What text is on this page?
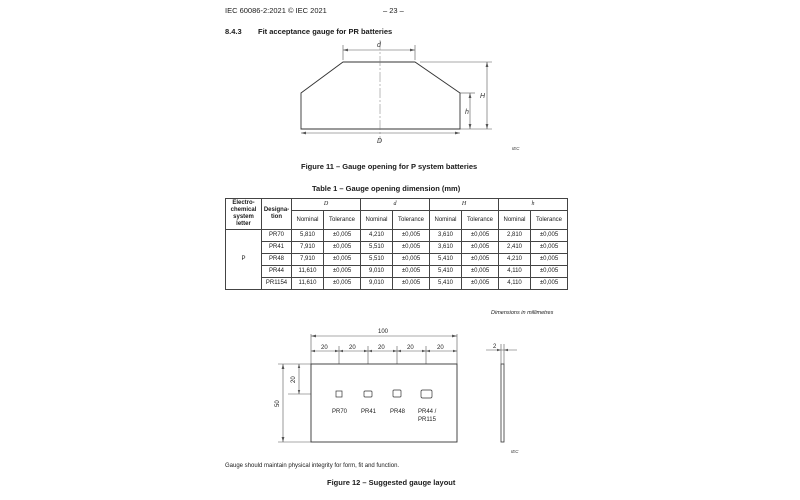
IEC 60086-2:2021 © IEC 2021	– 23 –
8.4.3 Fit acceptance gauge for PR batteries
d
D
H
h
IEC
Figure 11 – Gauge opening for P system batteries
Table 1 – Gauge opening dimension (mm)
Electro-
chemical
system
letter	Designa-
tion	D		d		H		h	
		Nominal	Tolerance	Nominal	Tolerance	Nominal	Tolerance	Nominal	Tolerance
P	PR70	5,810	±0,005	4,210	±0,005	3,610	±0,005	2,810	±0,005
	PR41	7,910	±0,005	5,510	±0,005	3,610	±0,005	2,410	±0,005
	PR48	7,910	±0,005	5,510	±0,005	5,410	±0,005	4,210	±0,005
	PR44	11,610	±0,005	9,010	±0,005	5,410	±0,005	4,110	±0,005
	PR1154	11,610	±0,005	9,010	±0,005	5,410	±0,005	4,110	±0,005
Dimensions in millimetres
100
20	20	20	20	20	2
20
50
PR70 PR41 PR48 PR44 /
PR115
IEC
Gauge should maintain physical integrity for form, fit and function.
Figure 12 – Suggested gauge layout
